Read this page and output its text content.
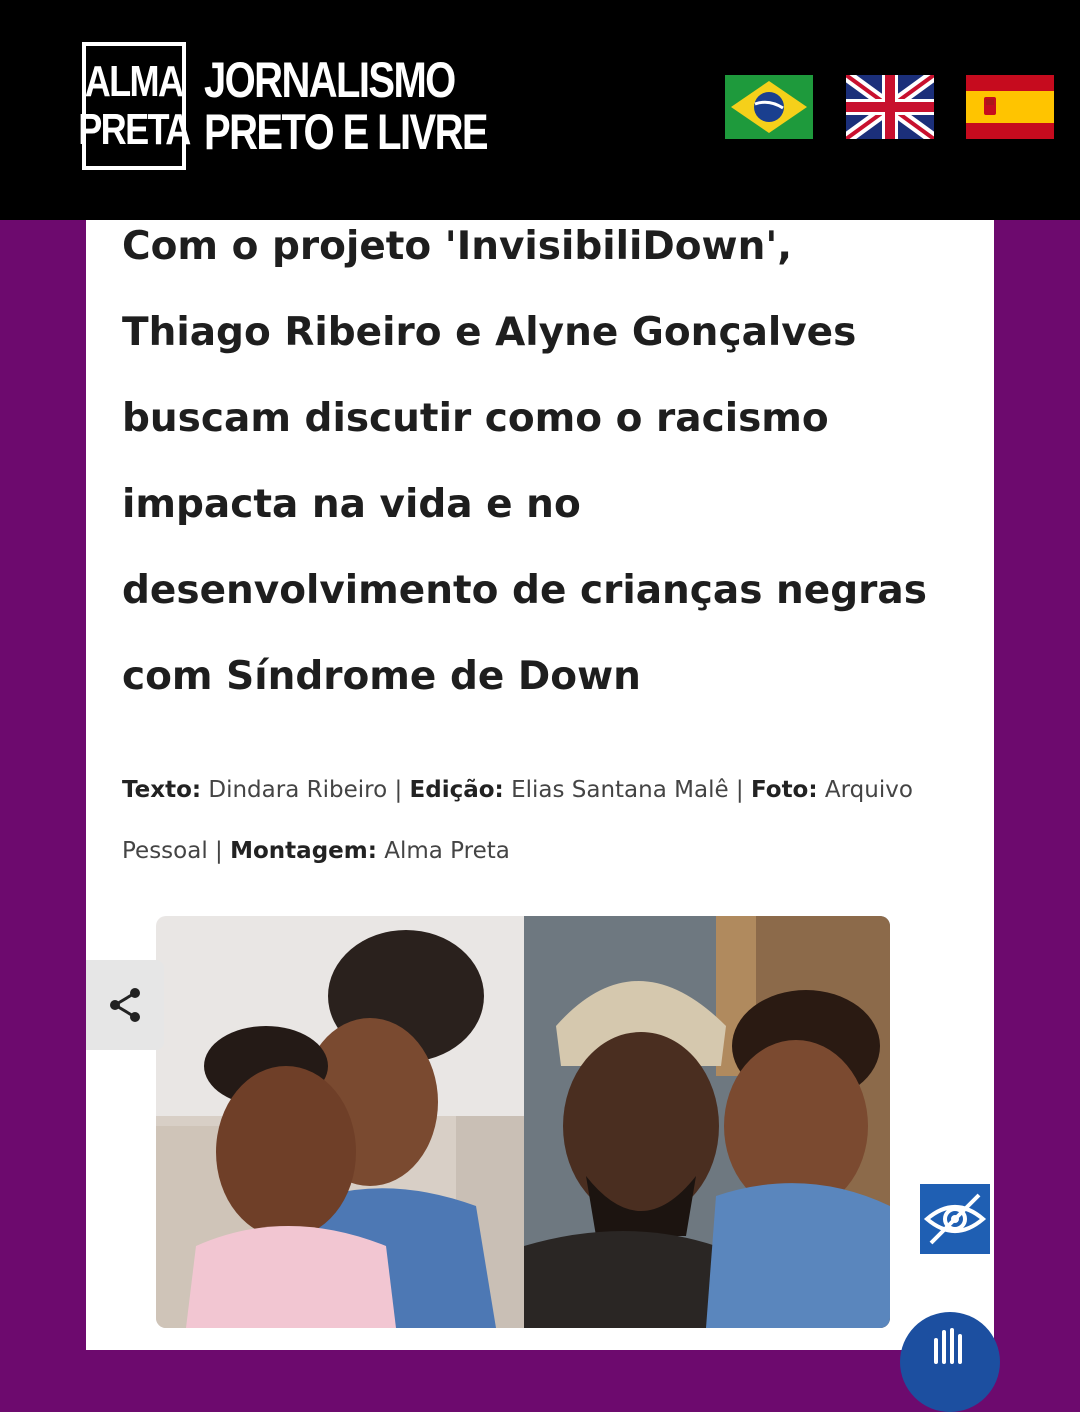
ALMA
PRETA
JORNALISMO
PRETO E LIVRE
Com o projeto 'InvisibiliDown', Thiago Ribeiro e Alyne Gonçalves buscam discutir como o racismo impacta na vida e no desenvolvimento de crianças negras com Síndrome de Down

Texto: Dindara Ribeiro | Edição: Elias Santana Malê | Foto: Arquivo Pessoal | Montagem: Alma Preta
